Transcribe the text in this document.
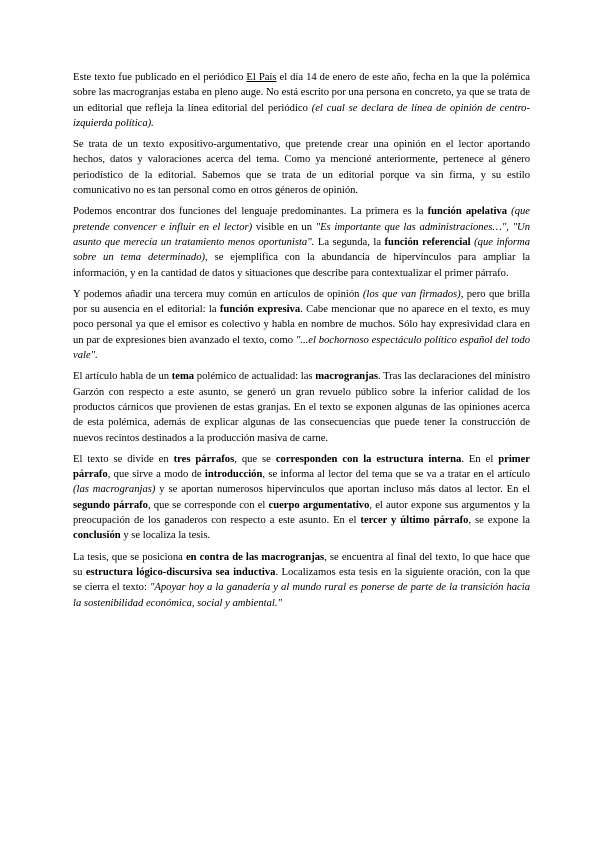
Este texto fue publicado en el periódico El País el día 14 de enero de este año, fecha en la que la polémica sobre las macrogranjas estaba en pleno auge. No está escrito por una persona en concreto, ya que se trata de un editorial que refleja la línea editorial del periódico (el cual se declara de línea de opinión de centro-izquierda política).

Se trata de un texto expositivo-argumentativo, que pretende crear una opinión en el lector aportando hechos, datos y valoraciones acerca del tema. Como ya mencioné anteriormente, pertenece al género periodístico de la editorial. Sabemos que se trata de un editorial porque va sin firma, y su estilo comunicativo no es tan personal como en otros géneros de opinión.

Podemos encontrar dos funciones del lenguaje predominantes. La primera es la función apelativa (que pretende convencer e influir en el lector) visible en un "Es importante que las administraciones…", "Un asunto que merecía un tratamiento menos oportunista". La segunda, la función referencial (que informa sobre un tema determinado), se ejemplifica con la abundancia de hipervínculos para ampliar la información, y en la cantidad de datos y situaciones que describe para contextualizar el primer párrafo.

Y podemos añadir una tercera muy común en artículos de opinión (los que van firmados), pero que brilla por su ausencia en el editorial: la función expresiva. Cabe mencionar que no aparece en el texto, es muy poco personal ya que el emisor es colectivo y habla en nombre de muchos. Sólo hay expresividad clara en un par de expresiones bien avanzado el texto, como "...el bochornoso espectáculo político español del todo vale".

El artículo habla de un tema polémico de actualidad: las macrogranjas. Tras las declaraciones del ministro Garzón con respecto a este asunto, se generó un gran revuelo público sobre la inferior calidad de los productos cárnicos que provienen de estas granjas. En el texto se exponen algunas de las opiniones acerca de esta polémica, además de explicar algunas de las consecuencias que puede tener la construcción de nuevos recintos destinados a la producción masiva de carne.

El texto se divide en tres párrafos, que se corresponden con la estructura interna. En el primer párrafo, que sirve a modo de introducción, se informa al lector del tema que se va a tratar en el artículo (las macrogranjas) y se aportan numerosos hipervínculos que aportan incluso más datos al lector. En el segundo párrafo, que se corresponde con el cuerpo argumentativo, el autor expone sus argumentos y la preocupación de los ganaderos con respecto a este asunto. En el tercer y último párrafo, se expone la conclusión y se localiza la tesis.

La tesis, que se posiciona en contra de las macrogranjas, se encuentra al final del texto, lo que hace que su estructura lógico-discursiva sea inductiva. Localizamos esta tesis en la siguiente oración, con la que se cierra el texto: "Apoyar hoy a la ganadería y al mundo rural es ponerse de parte de la transición hacia la sostenibilidad económica, social y ambiental."
